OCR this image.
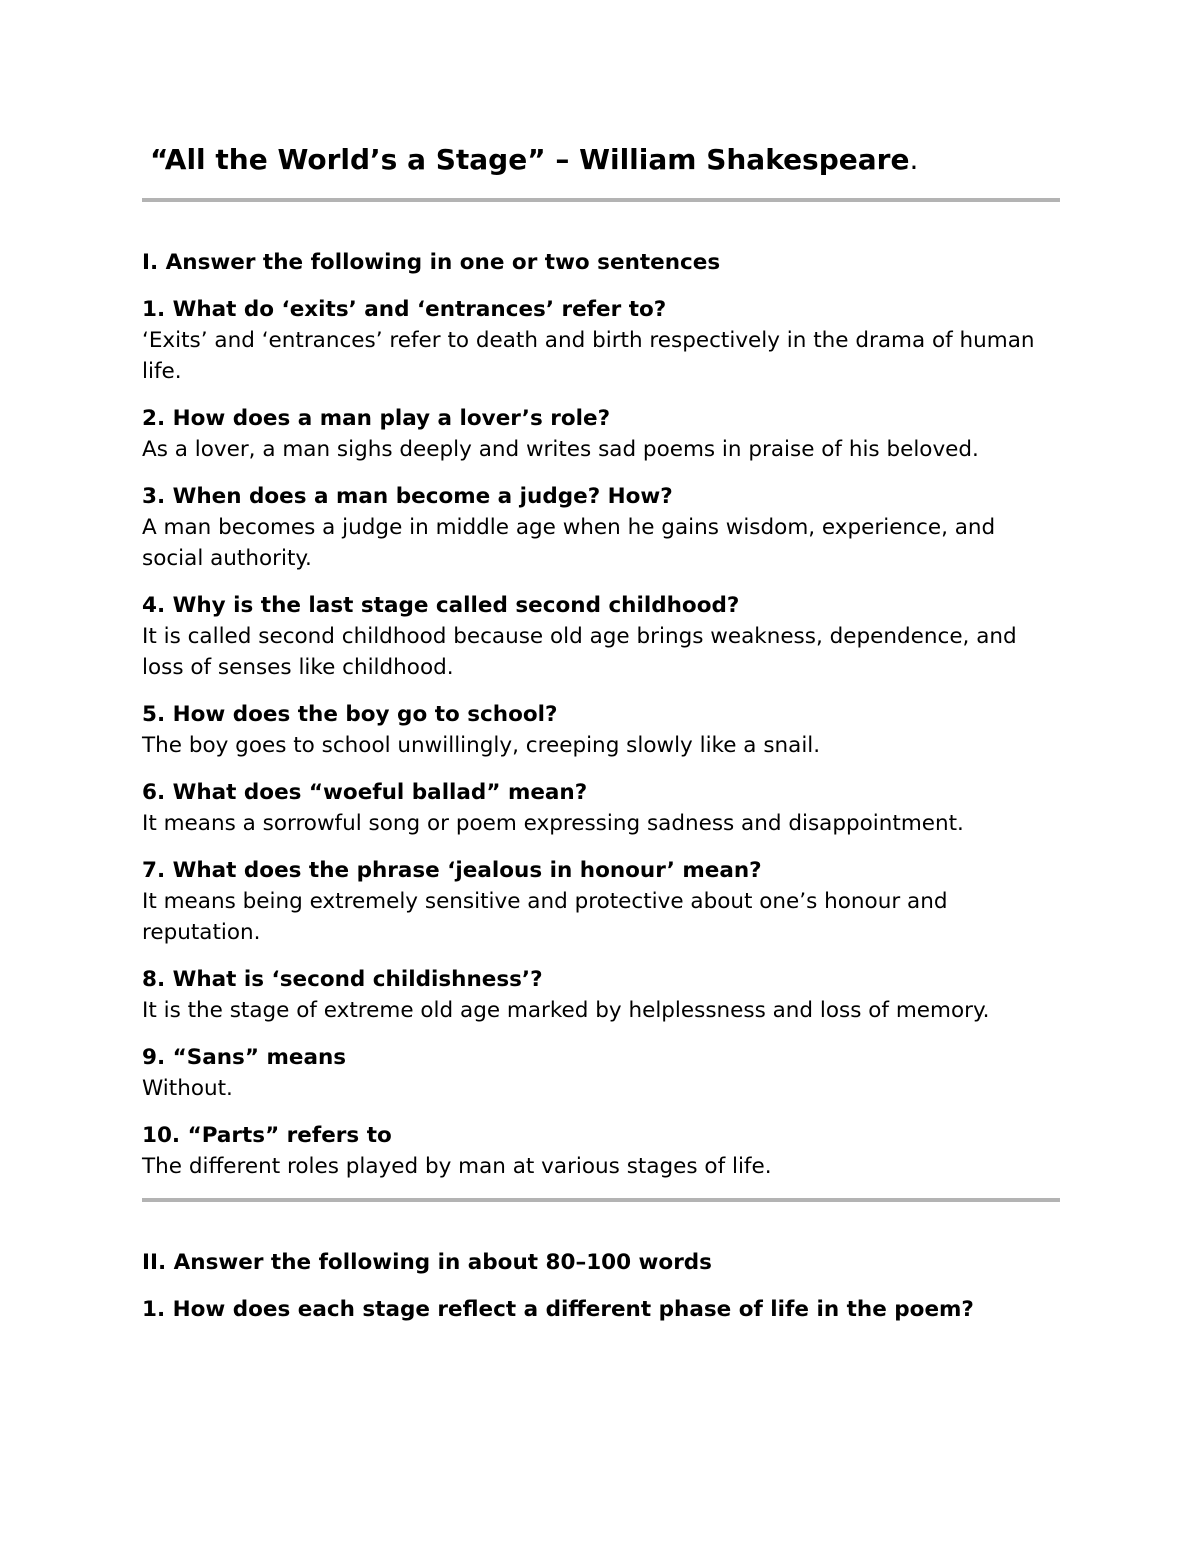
“All the World’s a Stage” – William Shakespeare.
I. Answer the following in one or two sentences
1. What do ‘exits’ and ‘entrances’ refer to?
‘Exits’ and ‘entrances’ refer to death and birth respectively in the drama of human life.
2. How does a man play a lover’s role?
As a lover, a man sighs deeply and writes sad poems in praise of his beloved.
3. When does a man become a judge? How?
A man becomes a judge in middle age when he gains wisdom, experience, and social authority.
4. Why is the last stage called second childhood?
It is called second childhood because old age brings weakness, dependence, and loss of senses like childhood.
5. How does the boy go to school?
The boy goes to school unwillingly, creeping slowly like a snail.
6. What does “woeful ballad” mean?
It means a sorrowful song or poem expressing sadness and disappointment.
7. What does the phrase ‘jealous in honour’ mean?
It means being extremely sensitive and protective about one’s honour and reputation.
8. What is ‘second childishness’?
It is the stage of extreme old age marked by helplessness and loss of memory.
9. “Sans” means
Without.
10. “Parts” refers to
The different roles played by man at various stages of life.
II. Answer the following in about 80–100 words
1. How does each stage reflect a different phase of life in the poem?
